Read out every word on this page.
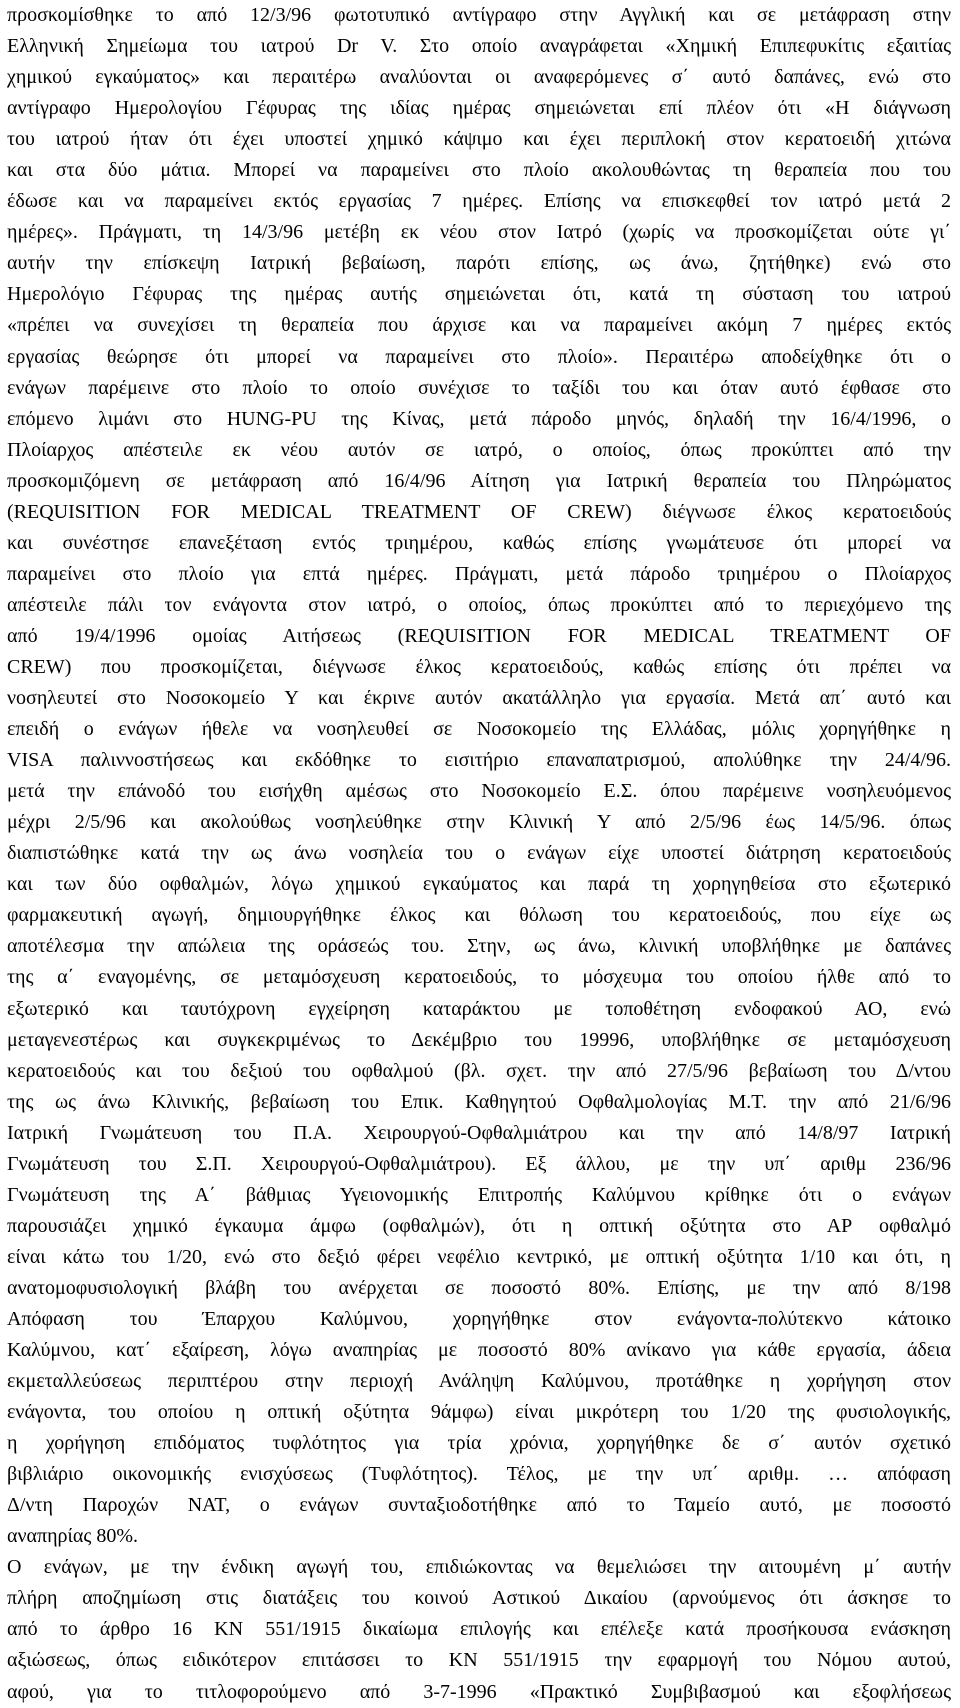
προσκομίσθηκε το από 12/3/96 φωτοτυπικό αντίγραφο στην Αγγλική και σε μετάφραση στην
Ελληνική Σημείωμα του ιατρού Dr V. Στο οποίο αναγράφεται «Χημική Επιπεφυκίτις εξαιτίας
χημικού εγκαύματος» και περαιτέρω αναλύονται οι αναφερόμενες σ΄ αυτό δαπάνες, ενώ στο
αντίγραφο Ημερολογίου Γέφυρας της ιδίας ημέρας σημειώνεται επί πλέον ότι «Η διάγνωση
του ιατρού ήταν ότι έχει υποστεί χημικό κάψιμο και έχει περιπλοκή στον κερατοειδή χιτώνα
και στα δύο μάτια. Μπορεί να παραμείνει στο πλοίο ακολουθώντας τη θεραπεία που του
έδωσε και να παραμείνει εκτός εργασίας 7 ημέρες. Επίσης να επισκεφθεί τον ιατρό μετά 2
ημέρες». Πράγματι, τη 14/3/96 μετέβη εκ νέου στον Ιατρό (χωρίς να προσκομίζεται ούτε γι΄
αυτήν την επίσκεψη Ιατρική βεβαίωση, παρότι επίσης, ως άνω, ζητήθηκε) ενώ στο
Ημερολόγιο Γέφυρας της ημέρας αυτής σημειώνεται ότι, κατά τη σύσταση του ιατρού
«πρέπει να συνεχίσει τη θεραπεία που άρχισε και να παραμείνει ακόμη 7 ημέρες εκτός
εργασίας θεώρησε ότι μπορεί να παραμείνει στο πλοίο». Περαιτέρω αποδείχθηκε ότι ο
ενάγων παρέμεινε στο πλοίο το οποίο συνέχισε το ταξίδι του και όταν αυτό έφθασε στο
επόμενο λιμάνι στο HUNG-PU της Κίνας, μετά πάροδο μηνός, δηλαδή την 16/4/1996, ο
Πλοίαρχος απέστειλε εκ νέου αυτόν σε ιατρό, ο οποίος, όπως προκύπτει από την
προσκομιζόμενη σε μετάφραση από 16/4/96 Αίτηση για Ιατρική θεραπεία του Πληρώματος
(REQUISITION FOR MEDICAL TREATMENT OF CREW) διέγνωσε έλκος κερατοειδούς
και συνέστησε επανεξέταση εντός τριημέρου, καθώς επίσης γνωμάτευσε ότι μπορεί να
παραμείνει στο πλοίο για επτά ημέρες. Πράγματι, μετά πάροδο τριημέρου ο Πλοίαρχος
απέστειλε πάλι τον ενάγοντα στον ιατρό, ο οποίος, όπως προκύπτει από το περιεχόμενο της
από 19/4/1996 ομοίας Αιτήσεως (REQUISITION FOR MEDICAL TREATMENT OF
CREW) που προσκομίζεται, διέγνωσε έλκος κερατοειδούς, καθώς επίσης ότι πρέπει να
νοσηλευτεί στο Νοσοκομείο Υ και έκρινε αυτόν ακατάλληλο για εργασία. Μετά απ΄ αυτό και
επειδή ο ενάγων ήθελε να νοσηλευθεί σε Νοσοκομείο της Ελλάδας, μόλις χορηγήθηκε η
VISA παλιννοστήσεως και εκδόθηκε το εισιτήριο επαναπατρισμού, απολύθηκε την 24/4/96.
μετά την επάνοδό του εισήχθη αμέσως στο Νοσοκομείο Ε.Σ. όπου παρέμεινε νοσηλευόμενος
μέχρι 2/5/96 και ακολούθως νοσηλεύθηκε στην Κλινική Υ από 2/5/96 έως 14/5/96. όπως
διαπιστώθηκε κατά την ως άνω νοσηλεία του ο ενάγων είχε υποστεί διάτρηση κερατοειδούς
και των δύο οφθαλμών, λόγω χημικού εγκαύματος και παρά τη χορηγηθείσα στο εξωτερικό
φαρμακευτική αγωγή, δημιουργήθηκε έλκος και θόλωση του κερατοειδούς, που είχε ως
αποτέλεσμα την απώλεια της οράσεώς του. Στην, ως άνω, κλινική υποβλήθηκε με δαπάνες
της α΄ εναγομένης, σε μεταμόσχευση κερατοειδούς, το μόσχευμα του οποίου ήλθε από το
εξωτερικό και ταυτόχρονη εγχείρηση καταράκτου με τοποθέτηση ενδοφακού ΑΟ, ενώ
μεταγενεστέρως και συγκεκριμένως το Δεκέμβριο του 19996, υποβλήθηκε σε μεταμόσχευση
κερατοειδούς και του δεξιού του οφθαλμού (βλ. σχετ. την από 27/5/96 βεβαίωση του Δ/ντου
της ως άνω Κλινικής, βεβαίωση του Επικ. Καθηγητού Οφθαλμολογίας Μ.Τ. την από 21/6/96
Ιατρική Γνωμάτευση του Π.Α. Χειρουργού-Οφθαλμιάτρου και την από 14/8/97 Ιατρική
Γνωμάτευση του Σ.Π. Χειρουργού-Οφθαλμιάτρου). Εξ άλλου, με την υπ΄ αριθμ 236/96
Γνωμάτευση της Α΄ βάθμιας Υγειονομικής Επιτροπής Καλύμνου κρίθηκε ότι ο ενάγων
παρουσιάζει χημικό έγκαυμα άμφω (οφθαλμών), ότι η οπτική οξύτητα στο ΑΡ οφθαλμό
είναι κάτω του 1/20, ενώ στο δεξιό φέρει νεφέλιο κεντρικό, με οπτική οξύτητα 1/10 και ότι, η
ανατομοφυσιολογική βλάβη του ανέρχεται σε ποσοστό 80%. Επίσης, με την από 8/198
Απόφαση του Έπαρχου Καλύμνου, χορηγήθηκε στον ενάγοντα-πολύτεκνο κάτοικο
Καλύμνου, κατ΄ εξαίρεση, λόγω αναπηρίας με ποσοστό 80% ανίκανο για κάθε εργασία, άδεια
εκμεταλλεύσεως περιπτέρου στην περιοχή Ανάληψη Καλύμνου, προτάθηκε η χορήγηση στον
ενάγοντα, του οποίου η οπτική οξύτητα 9άμφω) είναι μικρότερη του 1/20 της φυσιολογικής,
η χορήγηση επιδόματος τυφλότητος για τρία χρόνια, χορηγήθηκε δε σ΄ αυτόν σχετικό
βιβλιάριο οικονομικής ενισχύσεως (Τυφλότητος). Τέλος, με την υπ΄ αριθμ. … απόφαση
Δ/ντη Παροχών ΝΑΤ, ο ενάγων συνταξιοδοτήθηκε από το Ταμείο αυτό, με ποσοστό
αναπηρίας 80%.
Ο ενάγων, με την ένδικη αγωγή του, επιδιώκοντας να θεμελιώσει την αιτουμένη μ΄ αυτήν
πλήρη αποζημίωση στις διατάξεις του κοινού Αστικού Δικαίου (αρνούμενος ότι άσκησε το
από το άρθρο 16 ΚΝ 551/1915 δικαίωμα επιλογής και επέλεξε κατά προσήκουσα ενάσκηση
αξιώσεως, όπως ειδικότερον επιτάσσει το ΚΝ 551/1915 την εφαρμογή του Νόμου αυτού,
αφού, για το τιτλοφορούμενο από 3-7-1996 «Πρακτικό Συμβιβασμού και εξοφλήσεως
